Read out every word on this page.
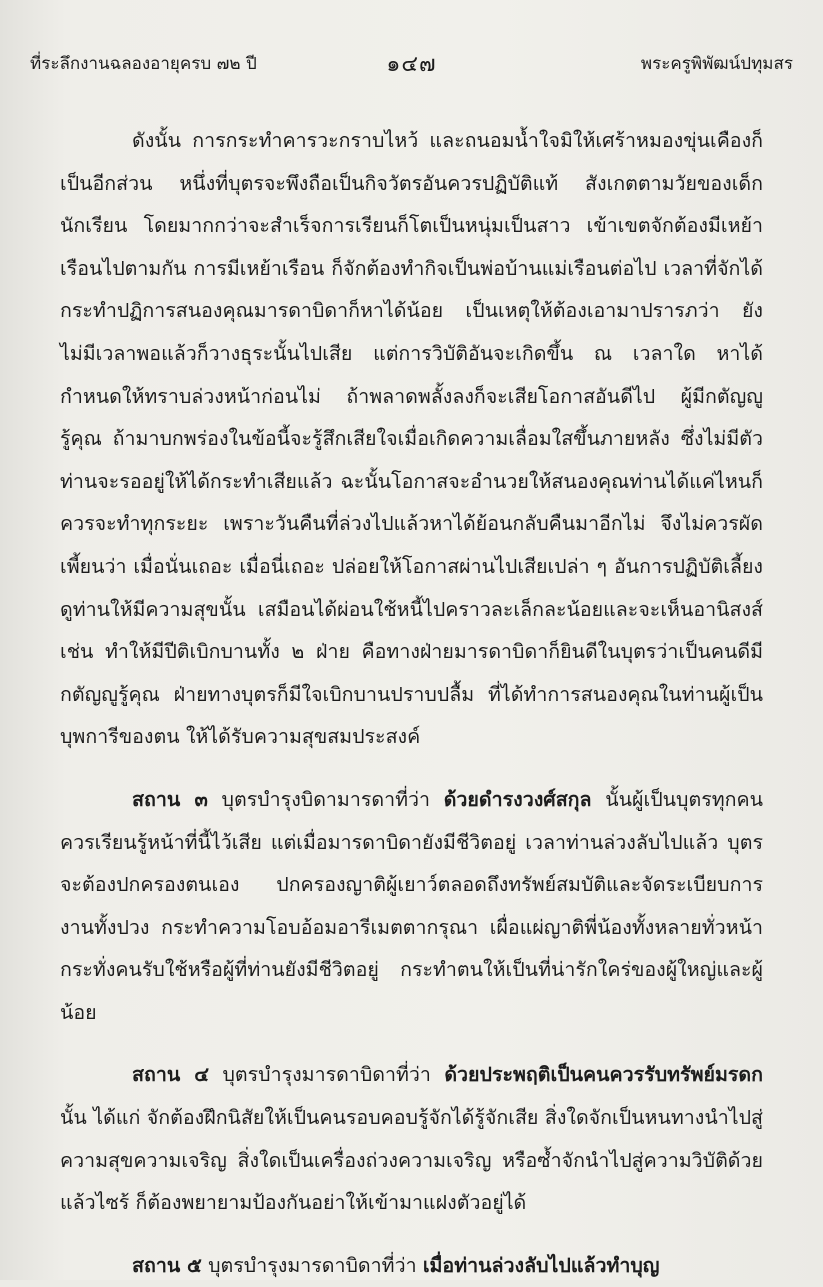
ที่ระลึกงานฉลองอายุครบ ๗๒ ปี	๑๔๗	พระครูพิพัฒน์ปทุมสร

ดังนั้น การกระทำคารวะกราบไหว้ และถนอมน้ำใจมิให้เศร้าหมองขุ่นเคืองก็เป็นอีกส่วน หนึ่งที่บุตรจะพึงถือเป็นกิจวัตรอันควรปฏิบัติแท้ สังเกตตามวัยของเด็กนักเรียน โดยมากกว่าจะสำเร็จการเรียนก็โตเป็นหนุ่มเป็นสาว เข้าเขตจักต้องมีเหย้าเรือนไปตามกัน การมีเหย้าเรือน ก็จักต้องทำกิจเป็นพ่อบ้านแม่เรือนต่อไป เวลาที่จักได้กระทำปฏิการสนองคุณมารดาบิดาก็หาได้น้อย เป็นเหตุให้ต้องเอามาปรารภว่า ยัง ไม่มีเวลาพอแล้วก็วางธุระนั้นไปเสีย แต่การวิบัติอันจะเกิดขึ้น ณ เวลาใด หาได้กำหนดให้ทราบล่วงหน้าก่อนไม่ ถ้าพลาดพลั้งลงก็จะเสียโอกาสอันดีไป ผู้มีกตัญญูรู้คุณ ถ้ามาบกพร่องในข้อนี้จะรู้สึกเสียใจเมื่อเกิดความเลื่อมใสขึ้นภายหลัง ซึ่งไม่มีตัวท่านจะรออยู่ให้ได้กระทำเสียแล้ว ฉะนั้นโอกาสจะอำนวยให้สนองคุณท่านได้แค่ไหนก็ควรจะทำทุกระยะ เพราะวันคืนที่ล่วงไปแล้วหาได้ย้อนกลับคืนมาอีกไม่ จึงไม่ควรผัดเพี้ยนว่า เมื่อนั่นเถอะ เมื่อนี่เถอะ ปล่อยให้โอกาสผ่านไปเสียเปล่า ๆ อันการปฏิบัติเลี้ยงดูท่านให้มีความสุขนั้น เสมือนได้ผ่อนใช้หนี้ไปคราวละเล็กละน้อยและจะเห็นอานิสงส์ เช่น ทำให้มีปีติเบิกบานทั้ง ๒ ฝ่าย คือทางฝ่ายมารดาบิดาก็ยินดีในบุตรว่าเป็นคนดีมีกตัญญูรู้คุณ ฝ่ายทางบุตรก็มีใจเบิกบานปราบปลื้ม ที่ได้ทำการสนองคุณในท่านผู้เป็นบุพการีของตน ให้ได้รับความสุขสมประสงค์

สถาน ๓ บุตรบำรุงบิดามารดาที่ว่า ด้วยดำรงวงศ์สกุล นั้นผู้เป็นบุตรทุกคนควรเรียนรู้หน้าที่นี้ไว้เสีย แต่เมื่อมารดาบิดายังมีชีวิตอยู่ เวลาท่านล่วงลับไปแล้ว บุตรจะต้องปกครองตนเอง ปกครองญาติผู้เยาว์ตลอดถึงทรัพย์สมบัติและจัดระเบียบการงานทั้งปวง กระทำความโอบอ้อมอารีเมตตากรุณา เผื่อแผ่ญาติพี่น้องทั้งหลายทั่วหน้ากระทั่งคนรับใช้หรือผู้ที่ท่านยังมีชีวิตอยู่ กระทำตนให้เป็นที่น่ารักใคร่ของผู้ใหญ่และผู้น้อย

สถาน ๔ บุตรบำรุงมารดาบิดาที่ว่า ด้วยประพฤติเป็นคนควรรับทรัพย์มรดก นั้น ได้แก่ จักต้องฝึกนิสัยให้เป็นคนรอบคอบรู้จักได้รู้จักเสีย สิ่งใดจักเป็นหนทางนำไปสู่ความสุขความเจริญ สิ่งใดเป็นเครื่องถ่วงความเจริญ หรือซ้ำจักนำไปสู่ความวิบัติด้วยแล้วไซร้ ก็ต้องพยายามป้องกันอย่าให้เข้ามาแฝงตัวอยู่ได้

สถาน ๕ บุตรบำรุงมารดาบิดาที่ว่า เมื่อท่านล่วงลับไปแล้วทำบุญ
